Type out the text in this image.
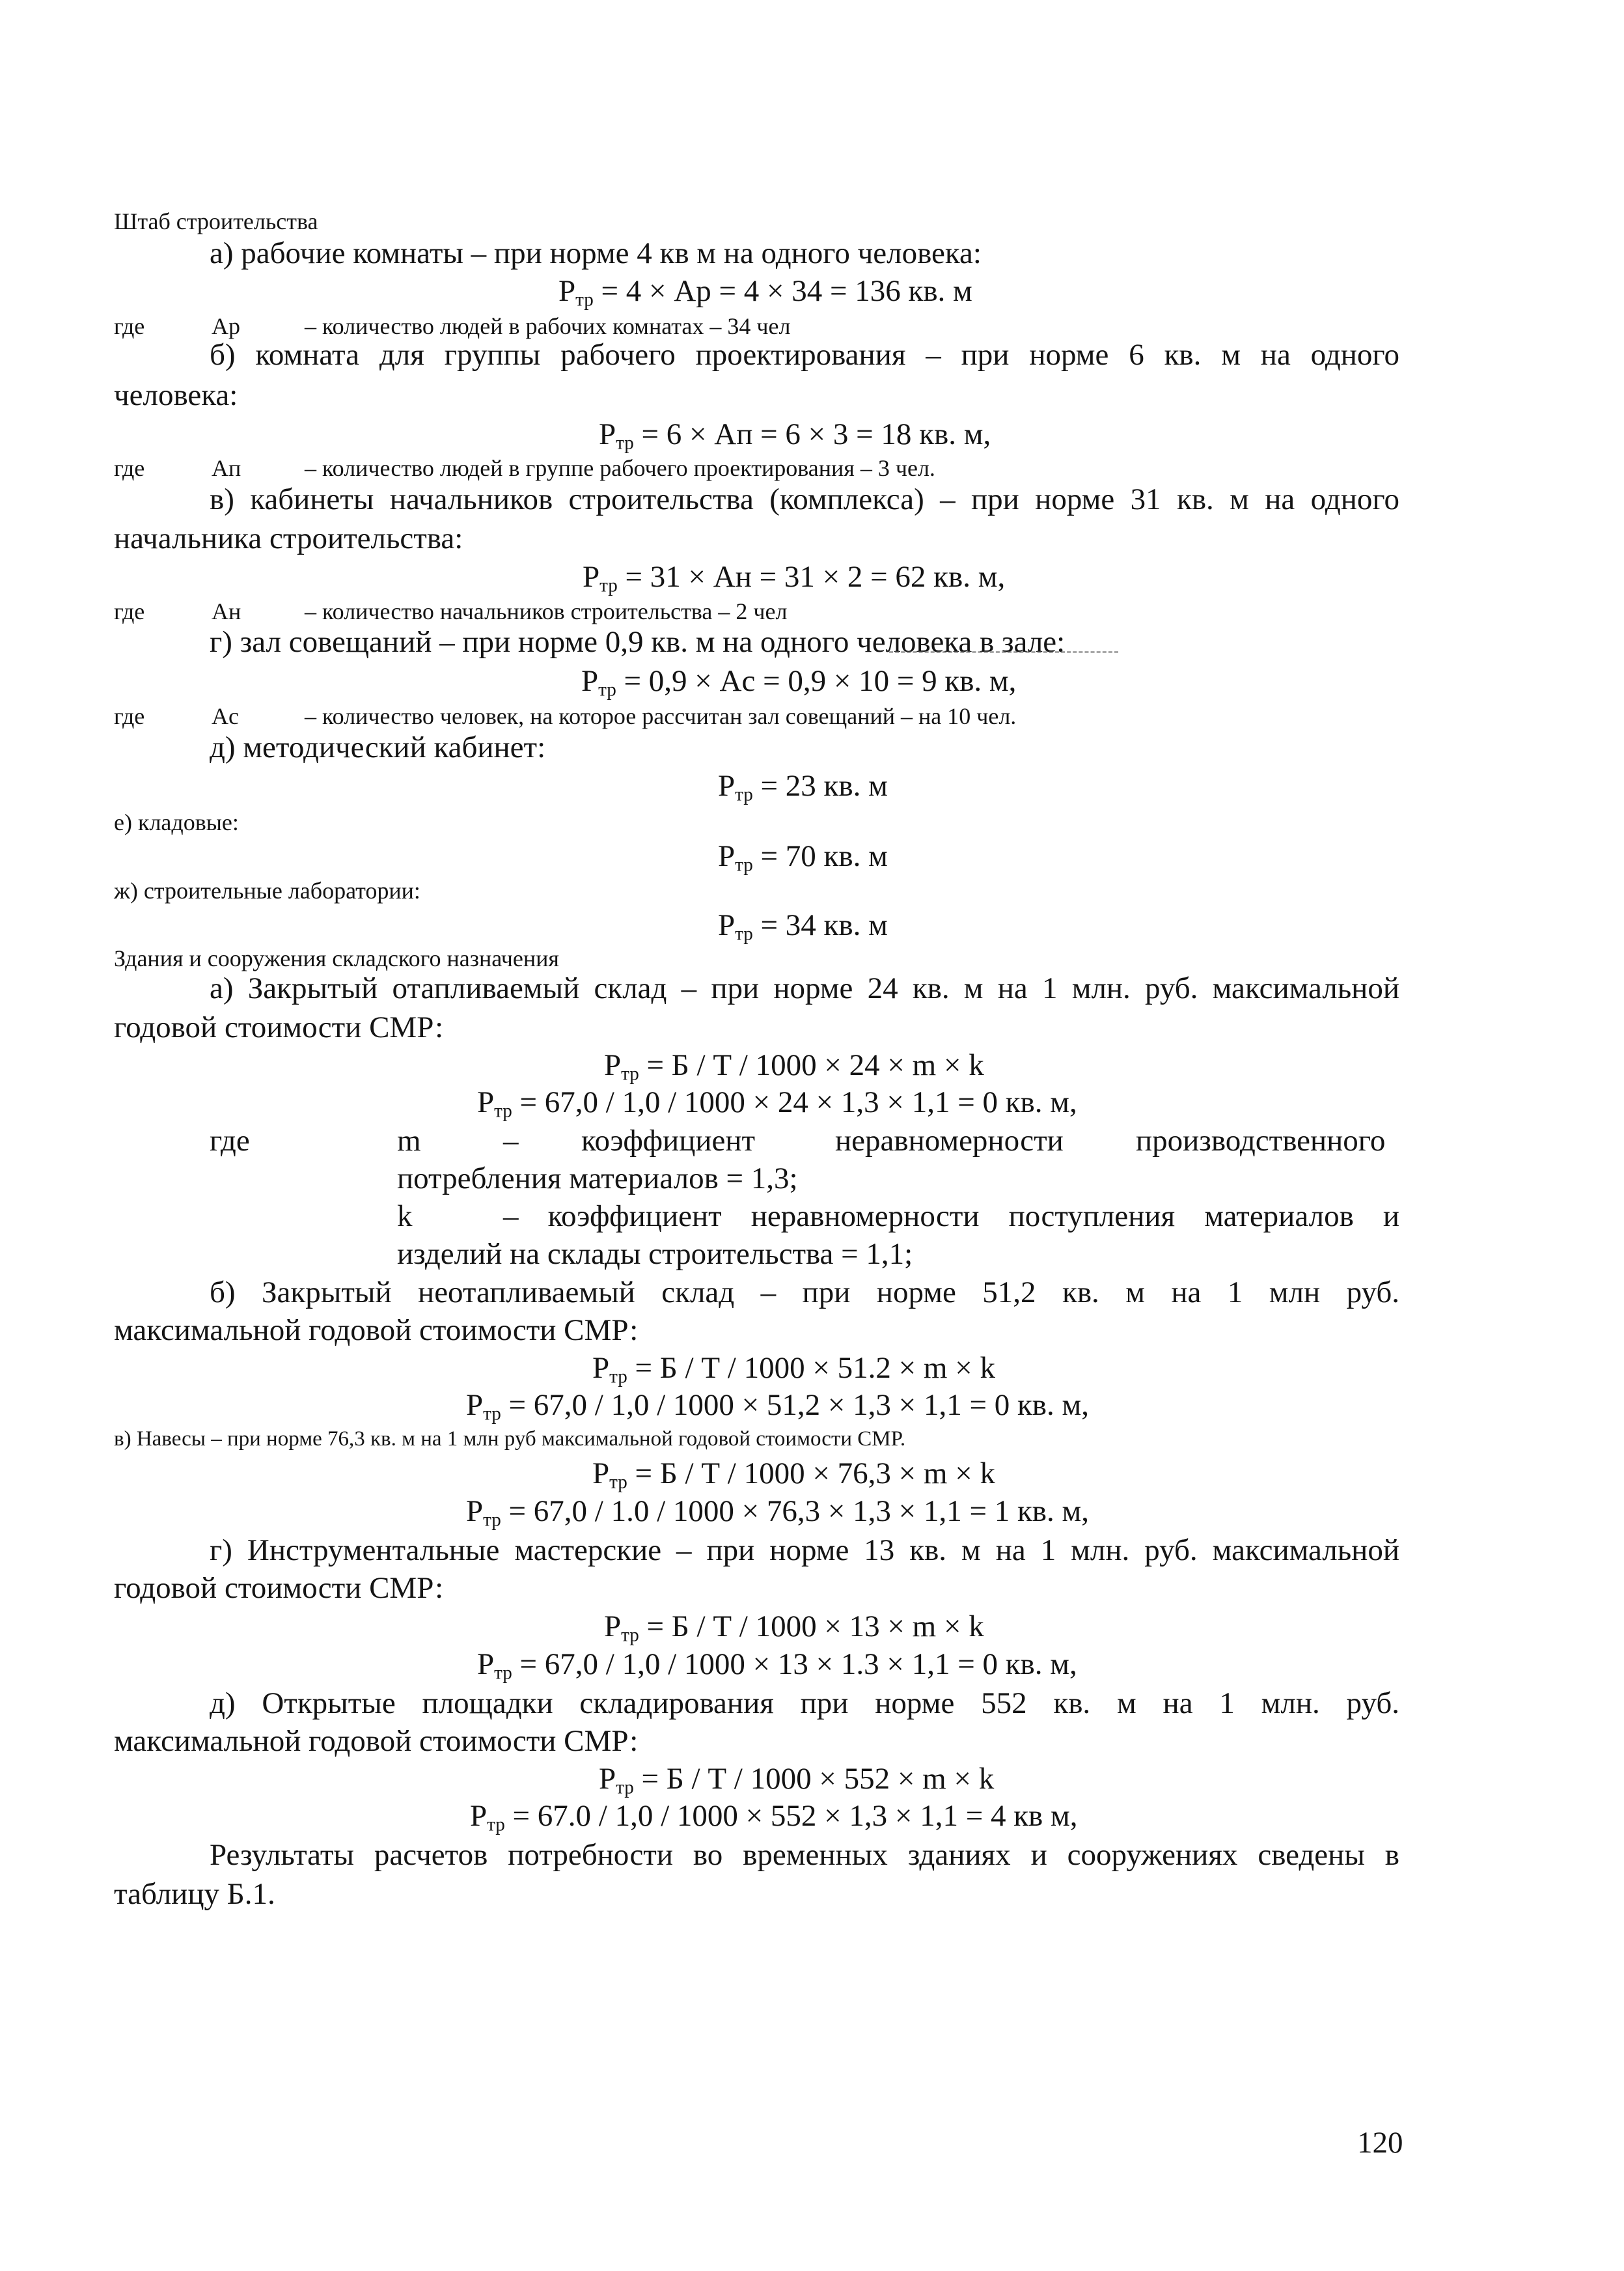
Штаб строительства
а) рабочие комнаты – при норме 4 кв м на одного человека:
$P_{тр} = 4 \times Ap = 4 \times 34 = 136$ кв. м
где	Ap	– количество людей в рабочих комнатах – 34 чел
б) комната для группы рабочего проектирования – при норме 6 кв. м на одного
человека:
$P_{тр} = 6$ × Aп = 6 × 3 = 18 кв. м,
где	Aп	– количество людей в группе рабочего проектирования – 3 чел.
в) кабинеты начальников строительства (комплекса) – при норме 31 кв. м на одного
начальника строительства:
$P_{тр} = 31$ × Aн = 31 × 2 = 62 кв. м,
где	Aн	– количество начальников строительства – 2 чел
г) зал совещаний – при норме 0,9 кв. м на одного человека в зале:
$P_{тр} = 0,9 \times Ac = 0,9 \times 10 = 9$ кв. м,
где	Ac	– количество человек, на которое рассчитан зал совещаний – на 10 чел.
д) методический кабинет:
$P_{тр} = 23$ кв. м
е) кладовые:
$P_{тр} = 70$ кв. м
ж) строительные лаборатории:
$P_{тр} = 34$ кв. м
Здания и сооружения складского назначения
а) Закрытый отапливаемый склад – при норме 24 кв. м на 1 млн. руб. максимальной
годовой стоимости СМР:
$P_{тр} = Б / Т / 1000 \times 24 \times m \times k$
$P_{тр} = 67,0 / 1,0 / 1000 \times 24 \times 1,3 \times 1,1 = 0$ кв. м,
где	m	– коэффициент	неравномерности производственного
потребления материалов = 1,3;
k	– коэффициент неравномерности поступления материалов и
изделий на склады строительства = 1,1;
б) Закрытый неотапливаемый склад – при норме 51,2 кв. м на 1 млн руб.
максимальной годовой стоимости СМР:
$P_{тр} = Б / Т / 1000 \times 51.2 \times m \times k$
$P_{тр} = 67,0 / 1,0 / 1000 \times 51,2 \times 1,3 \times 1,1 = 0$ кв. м,
в) Навесы – при норме 76,3 кв. м на 1 млн руб максимальной годовой стоимости СМР.
$P_{тр} = Б / Т / 1000 \times 76,3 \times m \times k$
$P_{тр} = 67,0 / 1.0 / 1000 \times 76,3 \times 1,3 \times 1,1 = 1$ кв. м,
г) Инструментальные мастерские – при норме 13 кв. м на 1 млн. руб. максимальной
годовой стоимости СМР:
$P_{тр} = Б / Т / 1000 \times 13 \times m \times k$
$P_{тр} = 67,0 / 1,0 / 1000 \times 13 \times 1.3 \times 1,1 = 0$ кв. м,
д) Открытые площадки складирования при норме 552 кв. м на 1 млн. руб.
максимальной годовой стоимости СМР:
$P_{тр} = Б / Т / 1000 \times 552 \times m \times k$
$P_{тр} = 67.0 / 1,0 / 1000 \times 552 \times 1,3 \times 1,1 = 4$ кв м,
Результаты расчетов потребности во временных зданиях и сооружениях сведены в
таблицу Б.1.
120
